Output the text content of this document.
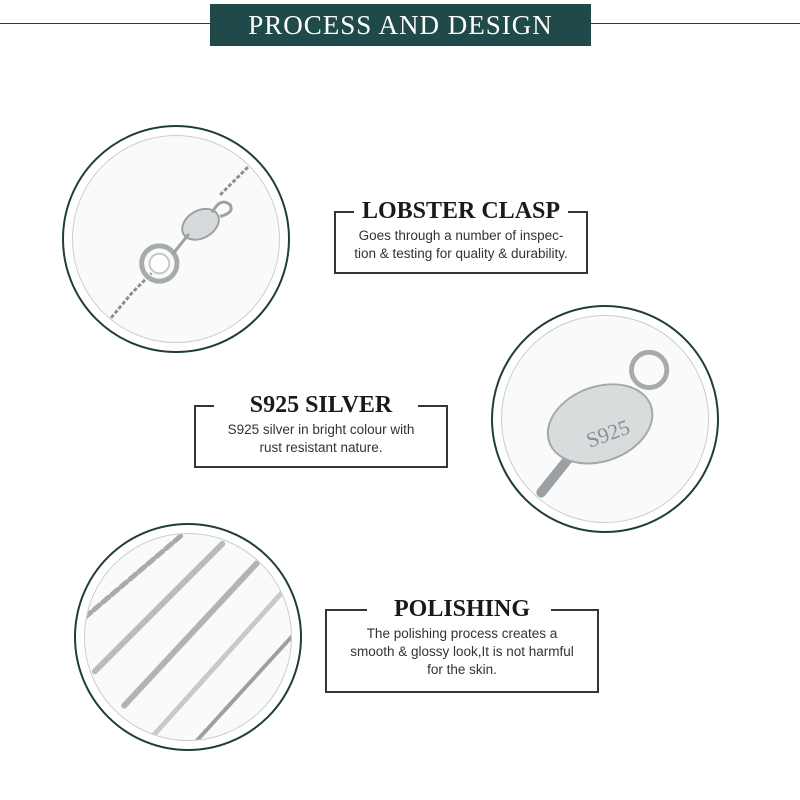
PROCESS AND DESIGN
LOBSTER CLASP
Goes through a number of inspec-
tion & testing for quality & durability.
S925
S925 SILVER
S925 silver in bright colour with
rust resistant nature.
POLISHING
The polishing process creates a
smooth & glossy look,It is not harmful
for the skin.
